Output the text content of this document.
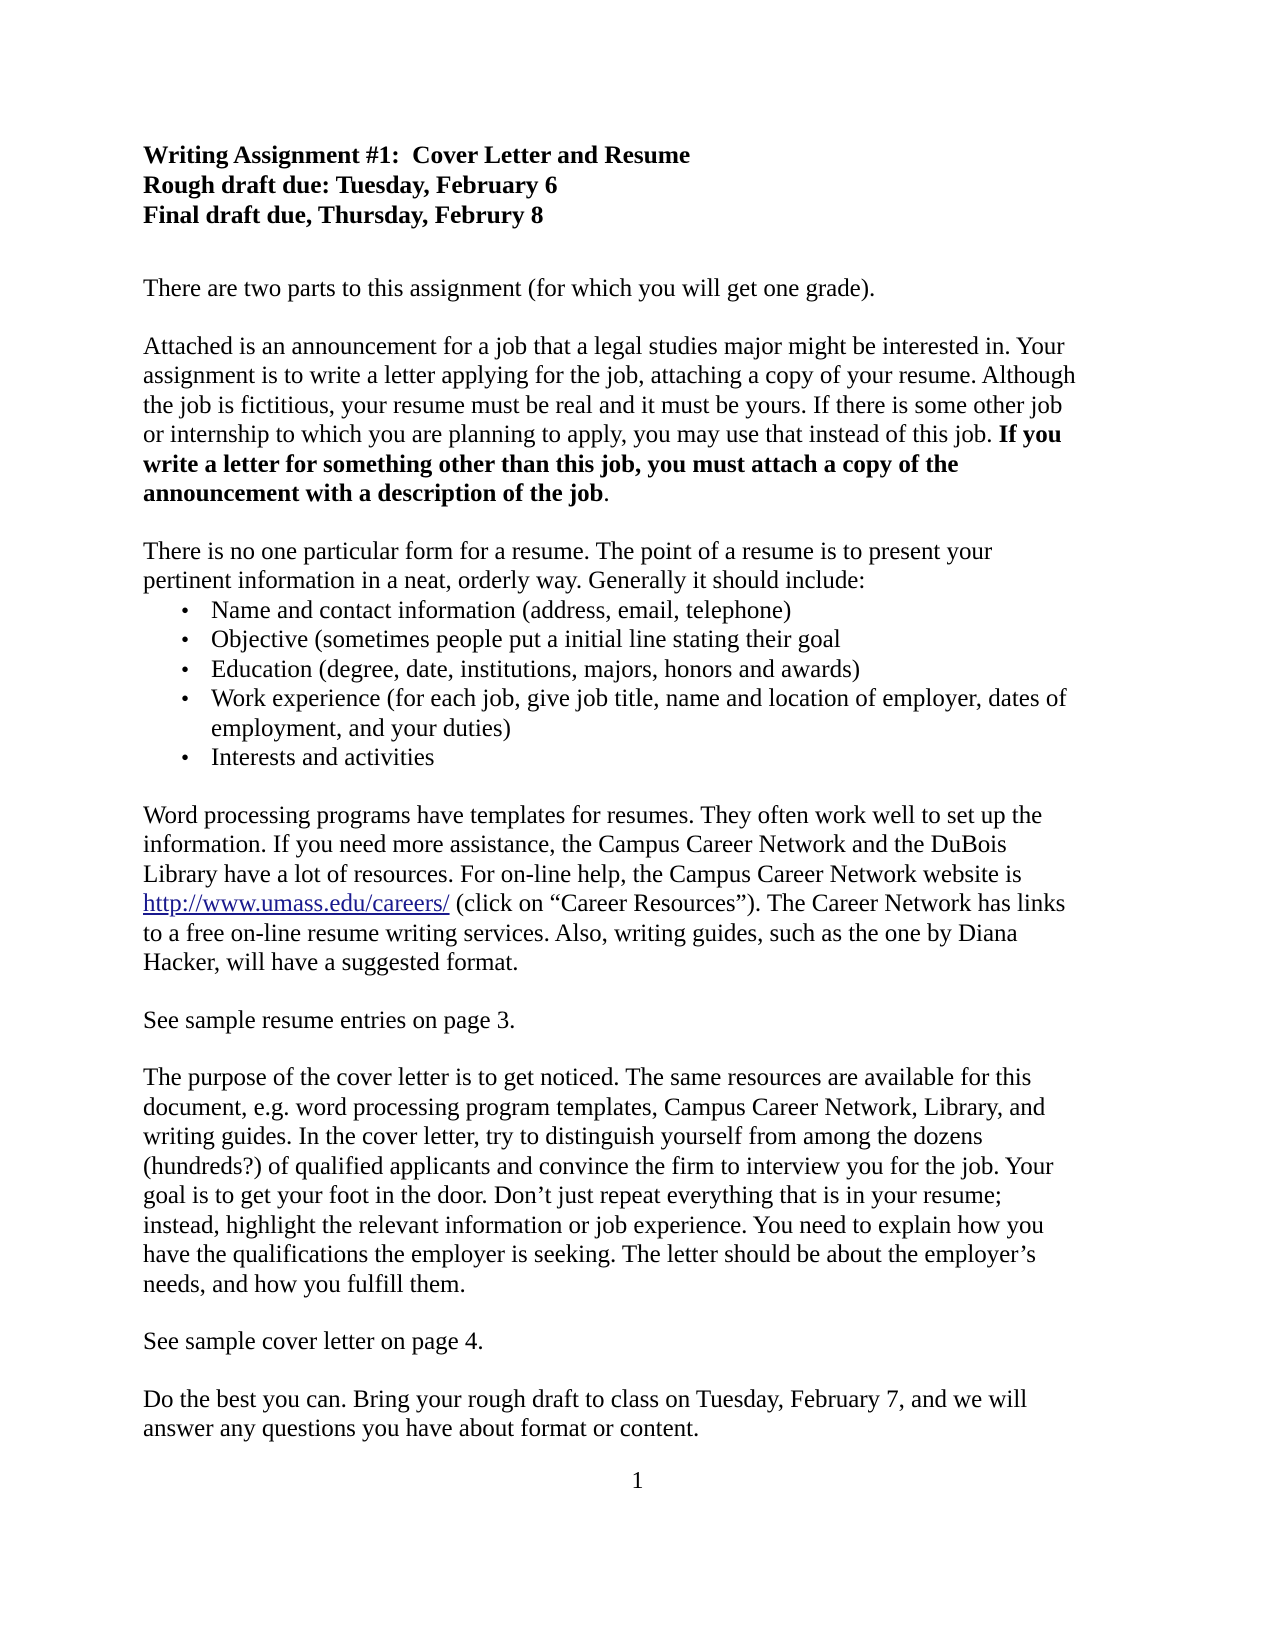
Writing Assignment #1:  Cover Letter and Resume
Rough draft due: Tuesday, February 6
Final draft due, Thursday, Februry 8

There are two parts to this assignment (for which you will get one grade).

Attached is an announcement for a job that a legal studies major might be interested in. Your assignment is to write a letter applying for the job, attaching a copy of your resume. Although the job is fictitious, your resume must be real and it must be yours. If there is some other job or internship to which you are planning to apply, you may use that instead of this job. If you write a letter for something other than this job, you must attach a copy of the announcement with a description of the job.

There is no one particular form for a resume. The point of a resume is to present your pertinent information in a neat, orderly way. Generally it should include:

• Name and contact information (address, email, telephone)
• Objective (sometimes people put a initial line stating their goal
• Education (degree, date, institutions, majors, honors and awards)
• Work experience (for each job, give job title, name and location of employer, dates of employment, and your duties)
• Interests and activities

Word processing programs have templates for resumes. They often work well to set up the information. If you need more assistance, the Campus Career Network and the DuBois Library have a lot of resources. For on-line help, the Campus Career Network website is http://www.umass.edu/careers/ (click on “Career Resources”). The Career Network has links to a free on-line resume writing services. Also, writing guides, such as the one by Diana Hacker, will have a suggested format.

See sample resume entries on page 3.

The purpose of the cover letter is to get noticed. The same resources are available for this document, e.g. word processing program templates, Campus Career Network, Library, and writing guides. In the cover letter, try to distinguish yourself from among the dozens (hundreds?) of qualified applicants and convince the firm to interview you for the job. Your goal is to get your foot in the door. Don’t just repeat everything that is in your resume; instead, highlight the relevant information or job experience. You need to explain how you have the qualifications the employer is seeking. The letter should be about the employer’s needs, and how you fulfill them.

See sample cover letter on page 4.

Do the best you can. Bring your rough draft to class on Tuesday, February 7, and we will answer any questions you have about format or content.

1
